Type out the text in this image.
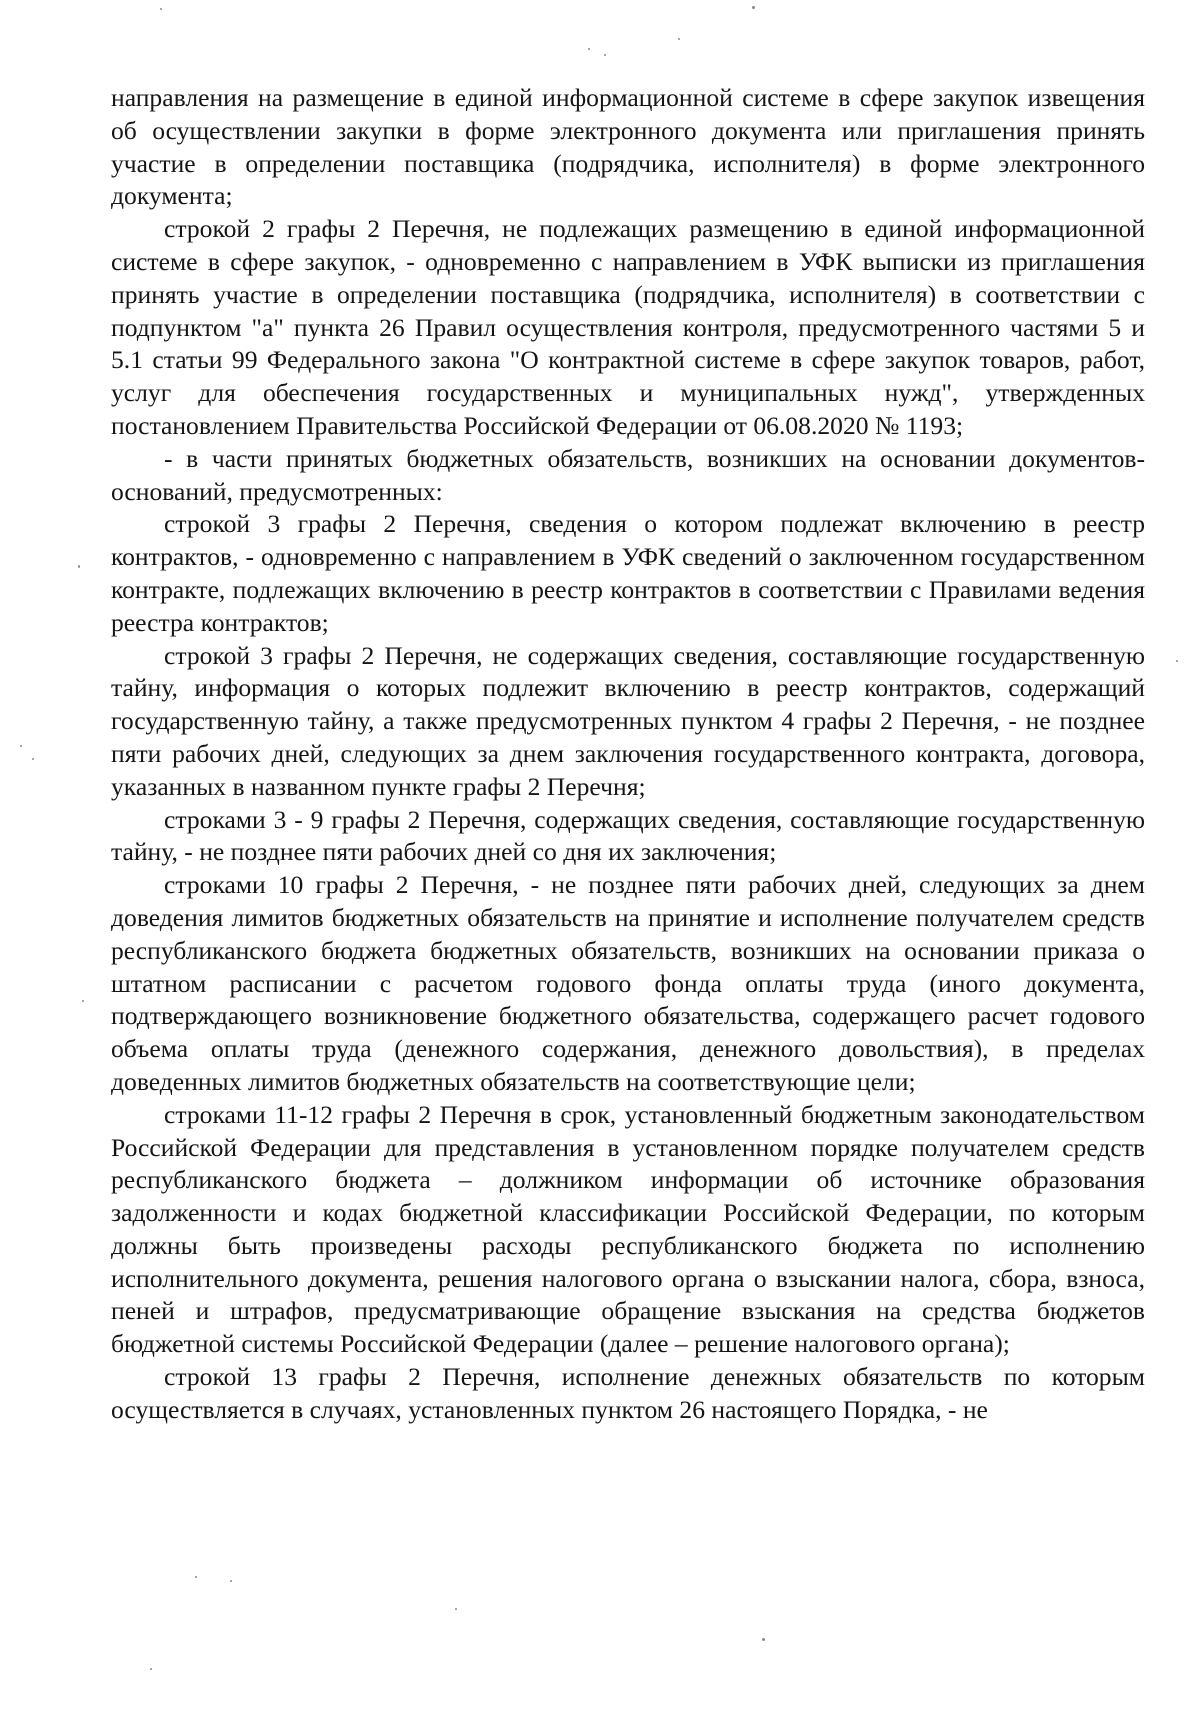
направления на размещение в единой информационной системе в сфере закупок извещения об осуществлении закупки в форме электронного документа или приглашения принять участие в определении поставщика (подрядчика, исполнителя) в форме электронного документа;

строкой 2 графы 2 Перечня, не подлежащих размещению в единой информационной системе в сфере закупок, - одновременно с направлением в УФК выписки из приглашения принять участие в определении поставщика (подрядчика, исполнителя) в соответствии с подпунктом "а" пункта 26 Правил осуществления контроля, предусмотренного частями 5 и 5.1 статьи 99 Федерального закона "О контрактной системе в сфере закупок товаров, работ, услуг для обеспечения государственных и муниципальных нужд", утвержденных постановлением Правительства Российской Федерации от 06.08.2020 № 1193;

- в части принятых бюджетных обязательств, возникших на основании документов-оснований, предусмотренных:

строкой 3 графы 2 Перечня, сведения о котором подлежат включению в реестр контрактов, - одновременно с направлением в УФК сведений о заключенном государственном контракте, подлежащих включению в реестр контрактов в соответствии с Правилами ведения реестра контрактов;

строкой 3 графы 2 Перечня, не содержащих сведения, составляющие государственную тайну, информация о которых подлежит включению в реестр контрактов, содержащий государственную тайну, а также предусмотренных пунктом 4 графы 2 Перечня, - не позднее пяти рабочих дней, следующих за днем заключения государственного контракта, договора, указанных в названном пункте графы 2 Перечня;

строками 3 - 9 графы 2 Перечня, содержащих сведения, составляющие государственную тайну, - не позднее пяти рабочих дней со дня их заключения;

строками 10 графы 2 Перечня, - не позднее пяти рабочих дней, следующих за днем доведения лимитов бюджетных обязательств на принятие и исполнение получателем средств республиканского бюджета бюджетных обязательств, возникших на основании приказа о штатном расписании с расчетом годового фонда оплаты труда (иного документа, подтверждающего возникновение бюджетного обязательства, содержащего расчет годового объема оплаты труда (денежного содержания, денежного довольствия), в пределах доведенных лимитов бюджетных обязательств на соответствующие цели;

строками 11-12 графы 2 Перечня в срок, установленный бюджетным законодательством Российской Федерации для представления в установленном порядке получателем средств республиканского бюджета – должником информации об источнике образования задолженности и кодах бюджетной классификации Российской Федерации, по которым должны быть произведены расходы республиканского бюджета по исполнению исполнительного документа, решения налогового органа о взыскании налога, сбора, взноса, пеней и штрафов, предусматривающие обращение взыскания на средства бюджетов бюджетной системы Российской Федерации (далее – решение налогового органа);

строкой 13 графы 2 Перечня, исполнение денежных обязательств по которым осуществляется в случаях, установленных пунктом 26 настоящего Порядка, - не
